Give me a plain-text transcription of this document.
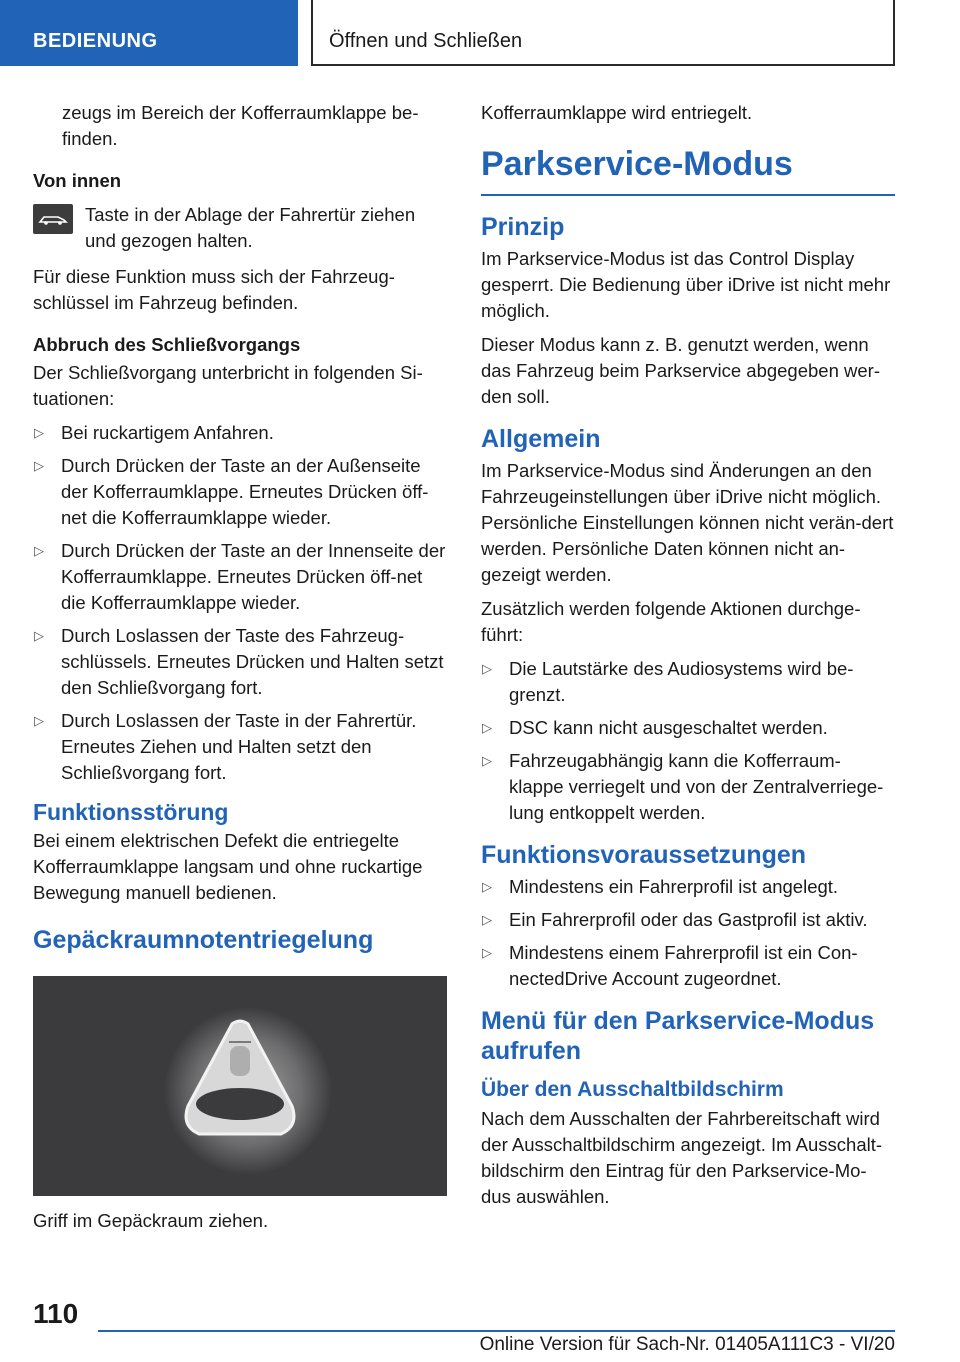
BEDIENUNG	Öffnen und Schließen

zeugs im Bereich der Kofferraumklappe be-
finden.

Von innen

Taste in der Ablage der Fahrertür ziehen und gezogen halten.

Für diese Funktion muss sich der Fahrzeug-schlüssel im Fahrzeug befinden.

Abbruch des Schließvorgangs

Der Schließvorgang unterbricht in folgenden Si-tuationen:

▷ Bei ruckartigem Anfahren.
▷ Durch Drücken der Taste an der Außenseite der Kofferraumklappe. Erneutes Drücken öff-net die Kofferraumklappe wieder.
▷ Durch Drücken der Taste an der Innenseite der Kofferraumklappe. Erneutes Drücken öff-net die Kofferraumklappe wieder.
▷ Durch Loslassen der Taste des Fahrzeug-schlüssels. Erneutes Drücken und Halten setzt den Schließvorgang fort.
▷ Durch Loslassen der Taste in der Fahrertür. Erneutes Ziehen und Halten setzt den Schließvorgang fort.
Funktionsstörung

Bei einem elektrischen Defekt die entriegelte Kofferraumklappe langsam und ohne ruckartige Bewegung manuell bedienen.

Gepäckraumnotentriegelung

Griff im Gepäckraum ziehen.

Kofferraumklappe wird entriegelt.

Parkservice-Modus
Prinzip

Im Parkservice-Modus ist das Control Display gesperrt. Die Bedienung über iDrive ist nicht mehr möglich.

Dieser Modus kann z. B. genutzt werden, wenn das Fahrzeug beim Parkservice abgegeben wer-den soll.

Allgemein

Im Parkservice-Modus sind Änderungen an den Fahrzeugeinstellungen über iDrive nicht möglich. Persönliche Einstellungen können nicht verän-dert werden. Persönliche Daten können nicht an-gezeigt werden.

Zusätzlich werden folgende Aktionen durchge-führt:

▷ Die Lautstärke des Audiosystems wird be-grenzt.
▷ DSC kann nicht ausgeschaltet werden.
▷ Fahrzeugabhängig kann die Kofferraum-klappe verriegelt und von der Zentralverriege-lung entkoppelt werden.
Funktionsvoraussetzungen
▷ Mindestens ein Fahrerprofil ist angelegt.
▷ Ein Fahrerprofil oder das Gastprofil ist aktiv.
▷ Mindestens einem Fahrerprofil ist ein Con-nectedDrive Account zugeordnet.
Menü für den Parkservice-Modus aufrufen
Über den Ausschaltbildschirm

Nach dem Ausschalten der Fahrbereitschaft wird der Ausschaltbildschirm angezeigt. Im Ausschalt-bildschirm den Eintrag für den Parkservice-Mo-dus auswählen.

110
Online Version für Sach-Nr. 01405A111C3 - VI/20
